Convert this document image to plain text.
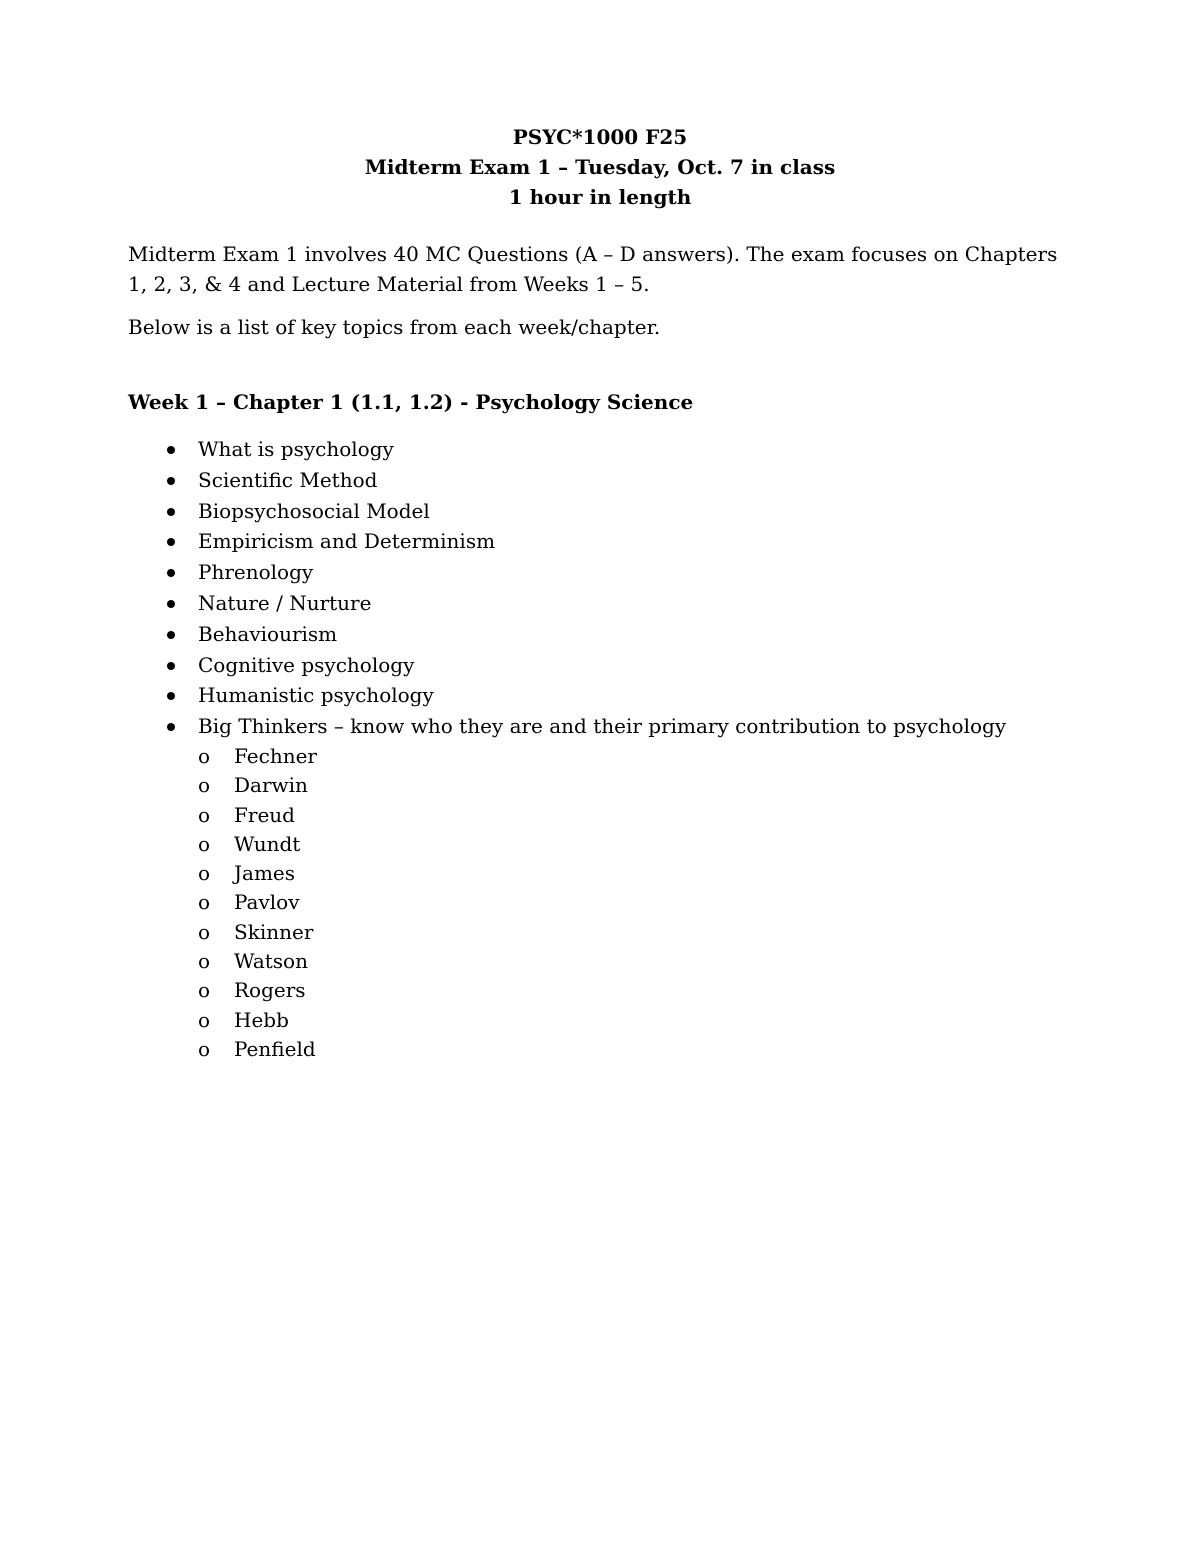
PSYC*1000 F25
Midterm Exam 1 – Tuesday, Oct. 7 in class
1 hour in length
Midterm Exam 1 involves 40 MC Questions (A – D answers). The exam focuses on Chapters 1, 2, 3, & 4 and Lecture Material from Weeks 1 – 5.
Below is a list of key topics from each week/chapter.
Week 1 – Chapter 1 (1.1, 1.2) - Psychology Science
What is psychology
Scientific Method
Biopsychosocial Model
Empiricism and Determinism
Phrenology
Nature / Nurture
Behaviourism
Cognitive psychology
Humanistic psychology
Big Thinkers – know who they are and their primary contribution to psychology
o Fechner
o Darwin
o Freud
o Wundt
o James
o Pavlov
o Skinner
o Watson
o Rogers
o Hebb
o Penfield
